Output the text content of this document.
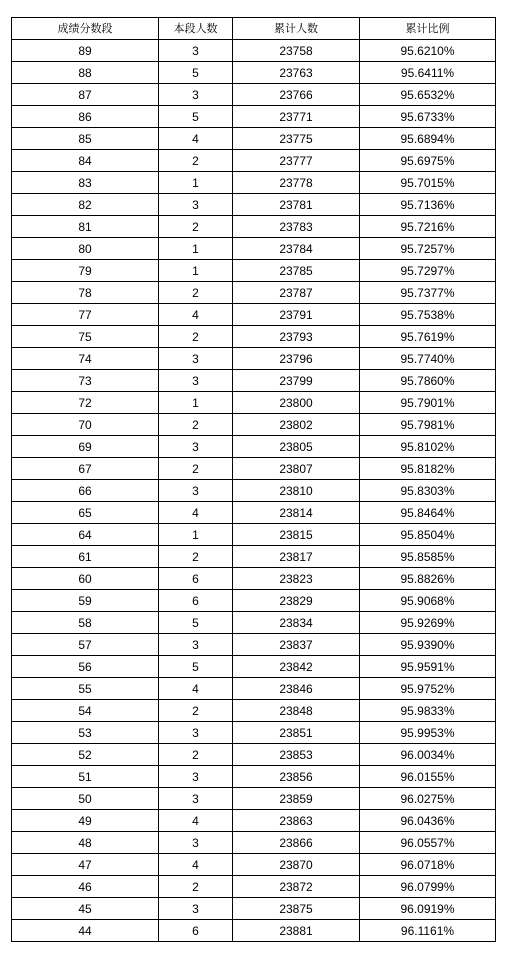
成绩分数段	本段人数	累计人数	累计比例
89	3	23758	95.6210%
88	5	23763	95.6411%
87	3	23766	95.6532%
86	5	23771	95.6733%
85	4	23775	95.6894%
84	2	23777	95.6975%
83	1	23778	95.7015%
82	3	23781	95.7136%
81	2	23783	95.7216%
80	1	23784	95.7257%
79	1	23785	95.7297%
78	2	23787	95.7377%
77	4	23791	95.7538%
75	2	23793	95.7619%
74	3	23796	95.7740%
73	3	23799	95.7860%
72	1	23800	95.7901%
70	2	23802	95.7981%
69	3	23805	95.8102%
67	2	23807	95.8182%
66	3	23810	95.8303%
65	4	23814	95.8464%
64	1	23815	95.8504%
61	2	23817	95.8585%
60	6	23823	95.8826%
59	6	23829	95.9068%
58	5	23834	95.9269%
57	3	23837	95.9390%
56	5	23842	95.9591%
55	4	23846	95.9752%
54	2	23848	95.9833%
53	3	23851	95.9953%
52	2	23853	96.0034%
51	3	23856	96.0155%
50	3	23859	96.0275%
49	4	23863	96.0436%
48	3	23866	96.0557%
47	4	23870	96.0718%
46	2	23872	96.0799%
45	3	23875	96.0919%
44	6	23881	96.1161%
